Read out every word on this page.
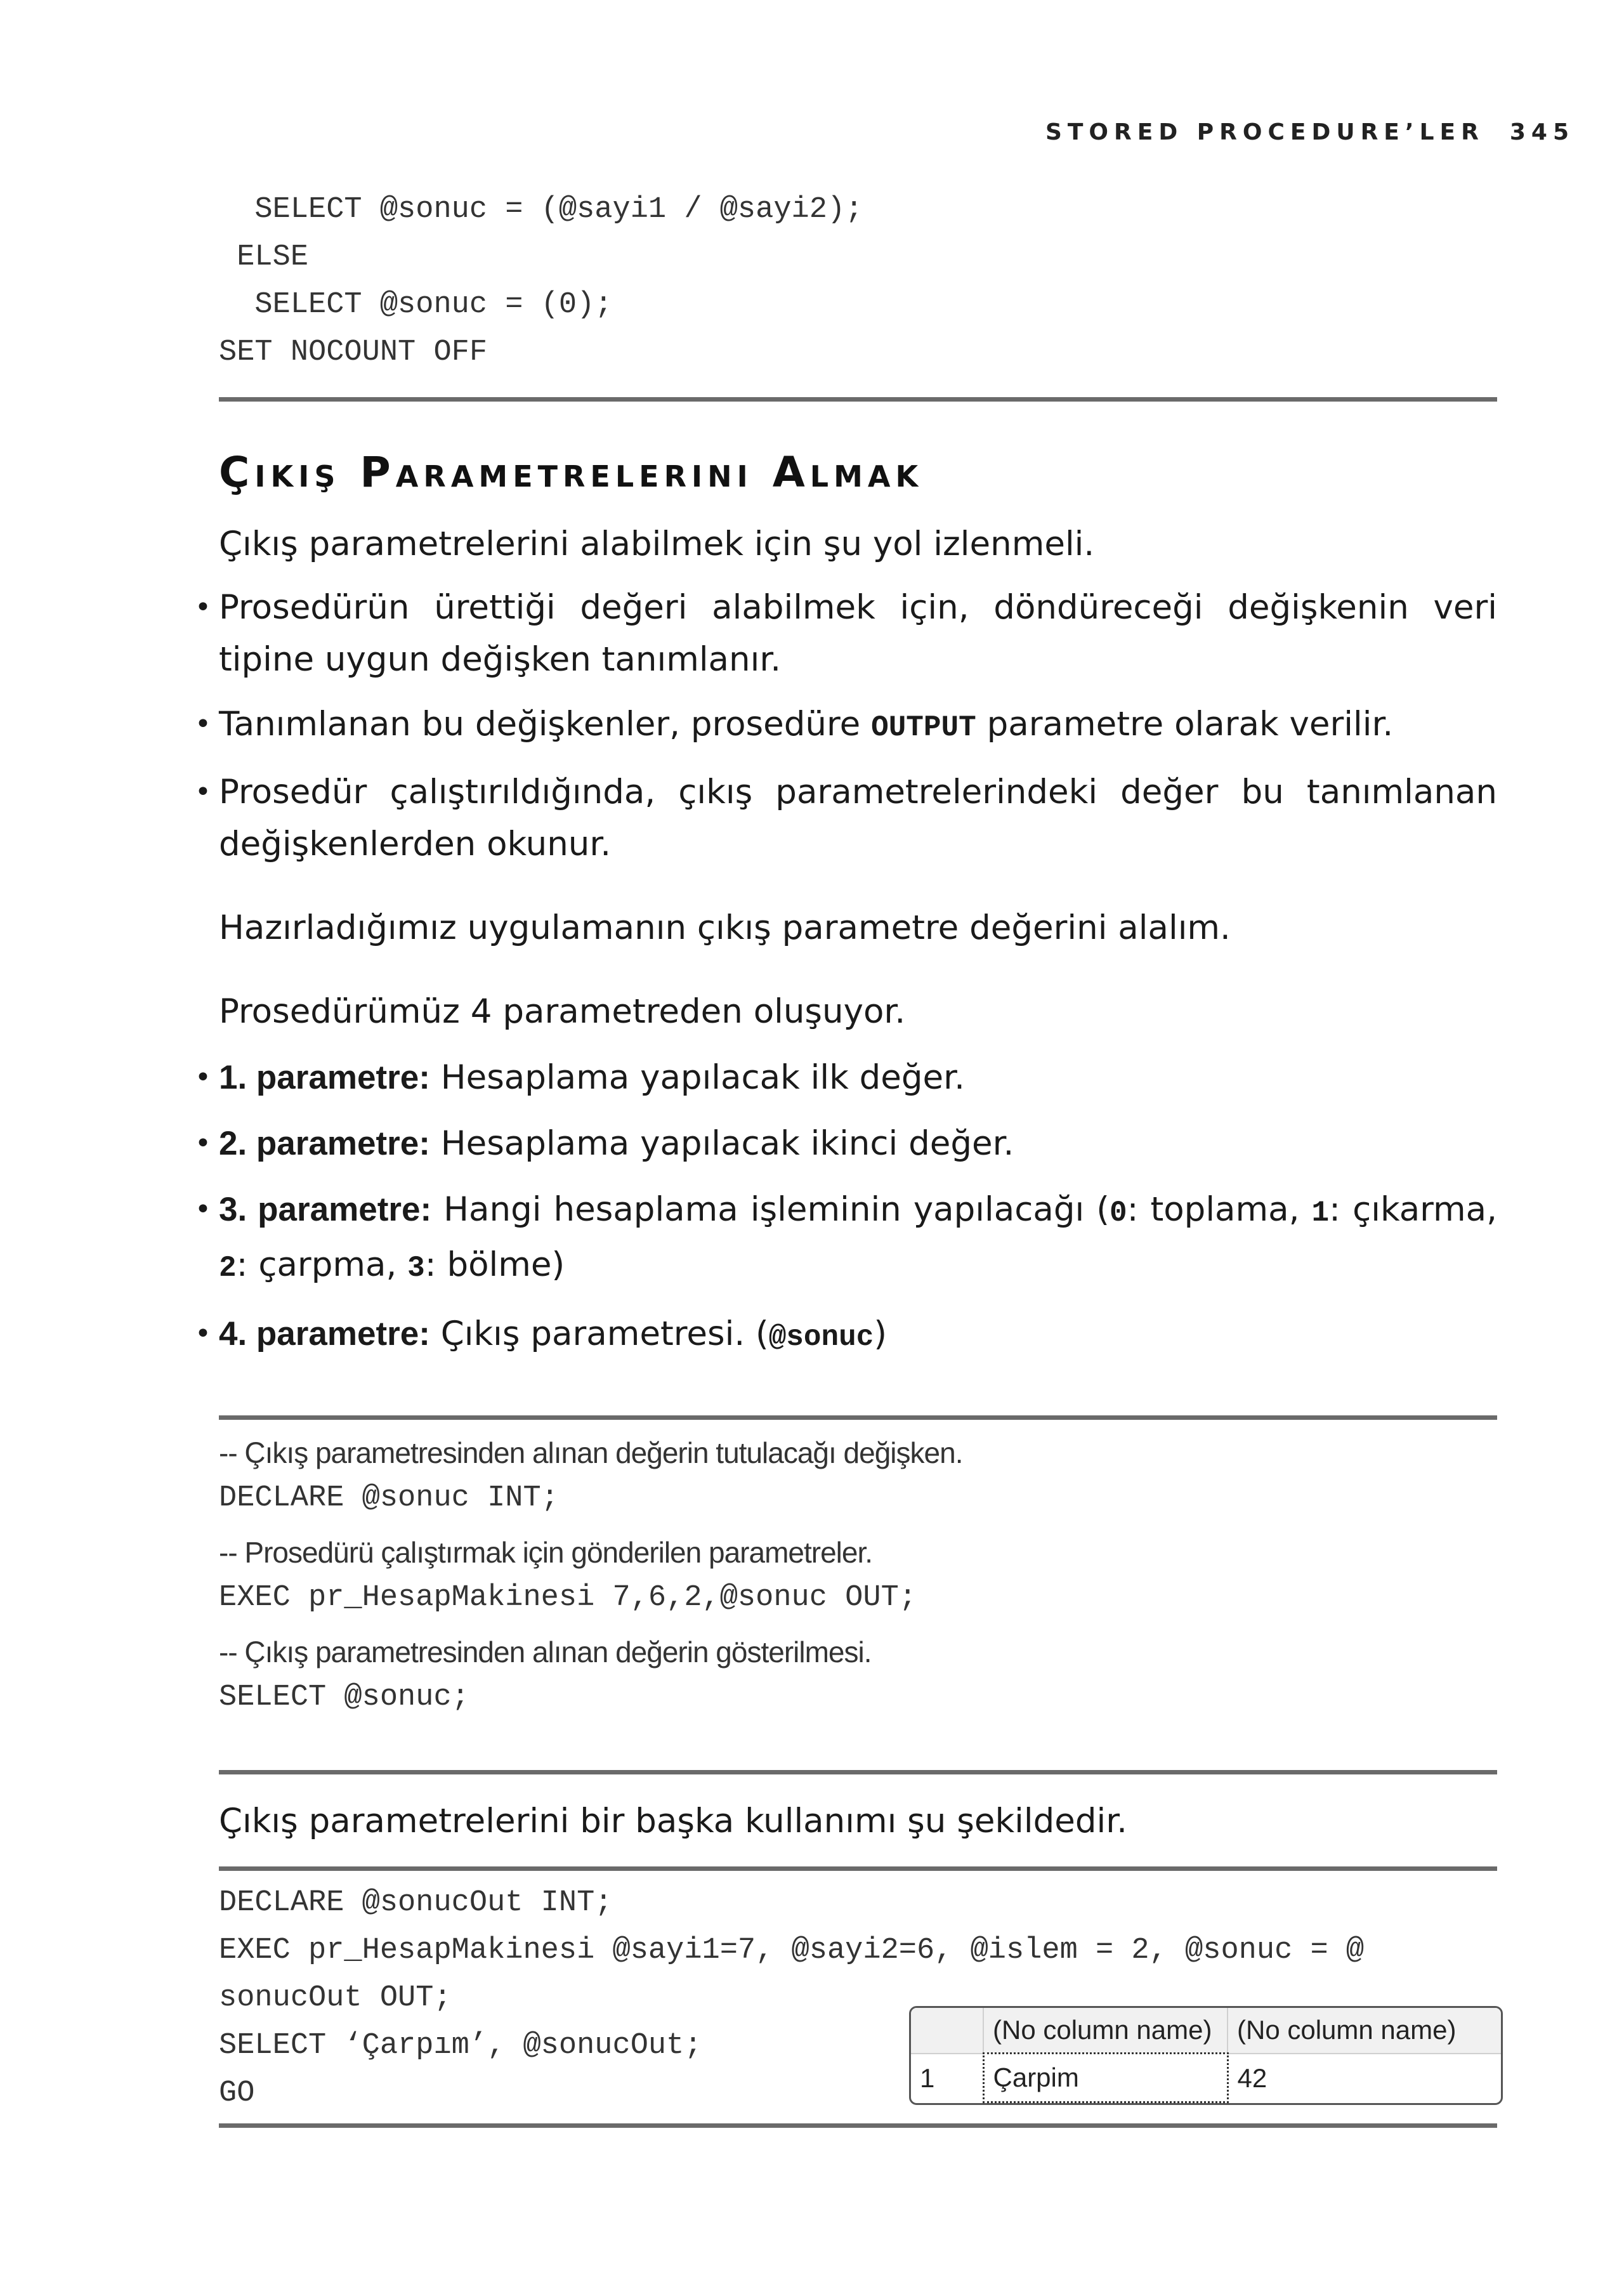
STORED PROCEDURE’LER 345
SELECT @sonuc = (@sayi1 / @sayi2);
ELSE
SELECT @sonuc = (0);
SET NOCOUNT OFF
Çıkış Parametrelerini Almak

Çıkış parametrelerini alabilmek için şu yol izlenmeli.

• Prosedürün ürettiği değeri alabilmek için, döndüreceği değişkenin veri tipine uygun değişken tanımlanır.
• Tanımlanan bu değişkenler, prosedüre OUTPUT parametre olarak verilir.
• Prosedür çalıştırıldığında, çıkış parametrelerindeki değer bu tanımlanan değişkenlerden okunur.

Hazırladığımız uygulamanın çıkış parametre değerini alalım.

Prosedürümüz 4 parametreden oluşuyor.

• 1. parametre: Hesaplama yapılacak ilk değer.
• 2. parametre: Hesaplama yapılacak ikinci değer.
• 3. parametre: Hangi hesaplama işleminin yapılacağı (0: toplama, 1: çıkarma, 2: çarpma, 3: bölme)
• 4. parametre: Çıkış parametresi. (@sonuc)
-- Çıkış parametresinden alınan değerin tutulacağı değişken.
DECLARE @sonuc INT;
-- Prosedürü çalıştırmak için gönderilen parametreler.
EXEC pr_HesapMakinesi 7,6,2,@sonuc OUT;
-- Çıkış parametresinden alınan değerin gösterilmesi.
SELECT @sonuc;

Çıkış parametrelerini bir başka kullanımı şu şekildedir.

DECLARE @sonucOut INT;
EXEC pr_HesapMakinesi @sayi1=7, @sayi2=6, @islem = 2, @sonuc = @
sonucOut OUT;
SELECT ‘Çarpım’, @sonucOut;
GO
	(No column name)	(No column name)
1	Çarpim	42
